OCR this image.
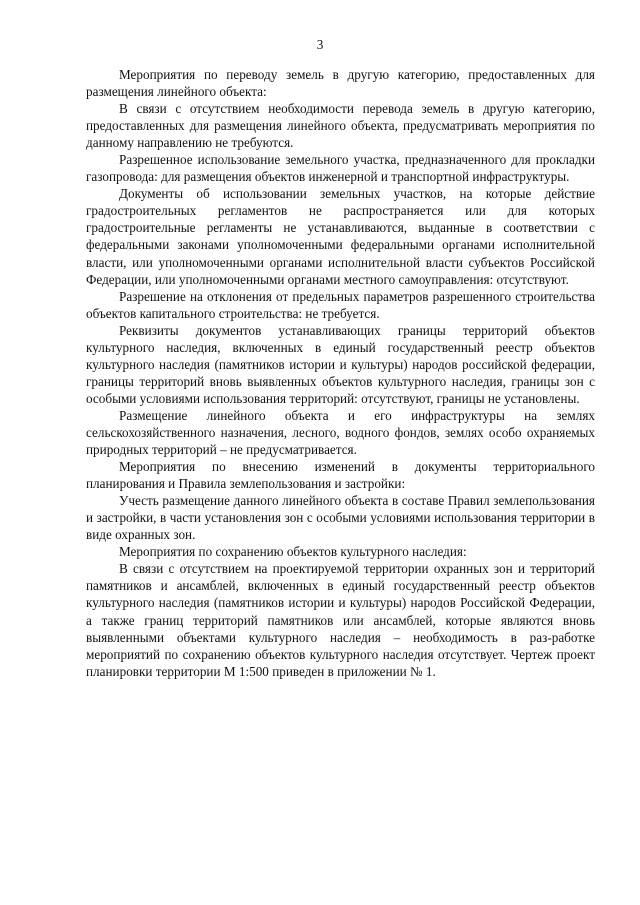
3

Мероприятия по переводу земель в другую категорию, предоставленных для размещения линейного объекта:

В связи с отсутствием необходимости перевода земель в другую категорию, предоставленных для размещения линейного объекта, предусматривать мероприятия по данному направлению не требуются.

Разрешенное использование земельного участка, предназначенного для прокладки газопровода: для размещения объектов инженерной и транспортной инфраструктуры.

Документы об использовании земельных участков, на которые действие градостроительных регламентов не распространяется или для которых градостроительные регламенты не устанавливаются, выданные в соответствии с федеральными законами уполномоченными федеральными органами исполнительной власти, или уполномоченными органами исполнительной власти субъектов Российской Федерации, или уполномоченными органами местного самоуправления: отсутствуют.

Разрешение на отклонения от предельных параметров разрешенного строительства объектов капитального строительства: не требуется.

Реквизиты документов устанавливающих границы территорий объектов культурного наследия, включенных в единый государственный реестр объектов культурного наследия (памятников истории и культуры) народов российской федерации, границы территорий вновь выявленных объектов культурного наследия, границы зон с особыми условиями использования территорий: отсутствуют, границы не установлены.

Размещение линейного объекта и его инфраструктуры на землях сельскохозяйственного назначения, лесного, водного фондов, землях особо охраняемых природных территорий – не предусматривается.

Мероприятия по внесению изменений в документы территориального планирования и Правила землепользования и застройки:

Учесть размещение данного линейного объекта в составе Правил землепользования и застройки, в части установления зон с особыми условиями использования территории в виде охранных зон.

Мероприятия по сохранению объектов культурного наследия:

В связи с отсутствием на проектируемой территории охранных зон и территорий памятников и ансамблей, включенных в единый государственный реестр объектов культурного наследия (памятников истории и культуры) народов Российской Федерации, а также границ территорий памятников или ансамблей, которые являются вновь выявленными объектами культурного наследия – необходимость в раз-работке мероприятий по сохранению объектов культурного наследия отсутствует. Чертеж проект планировки территории М 1:500 приведен в приложении № 1.
